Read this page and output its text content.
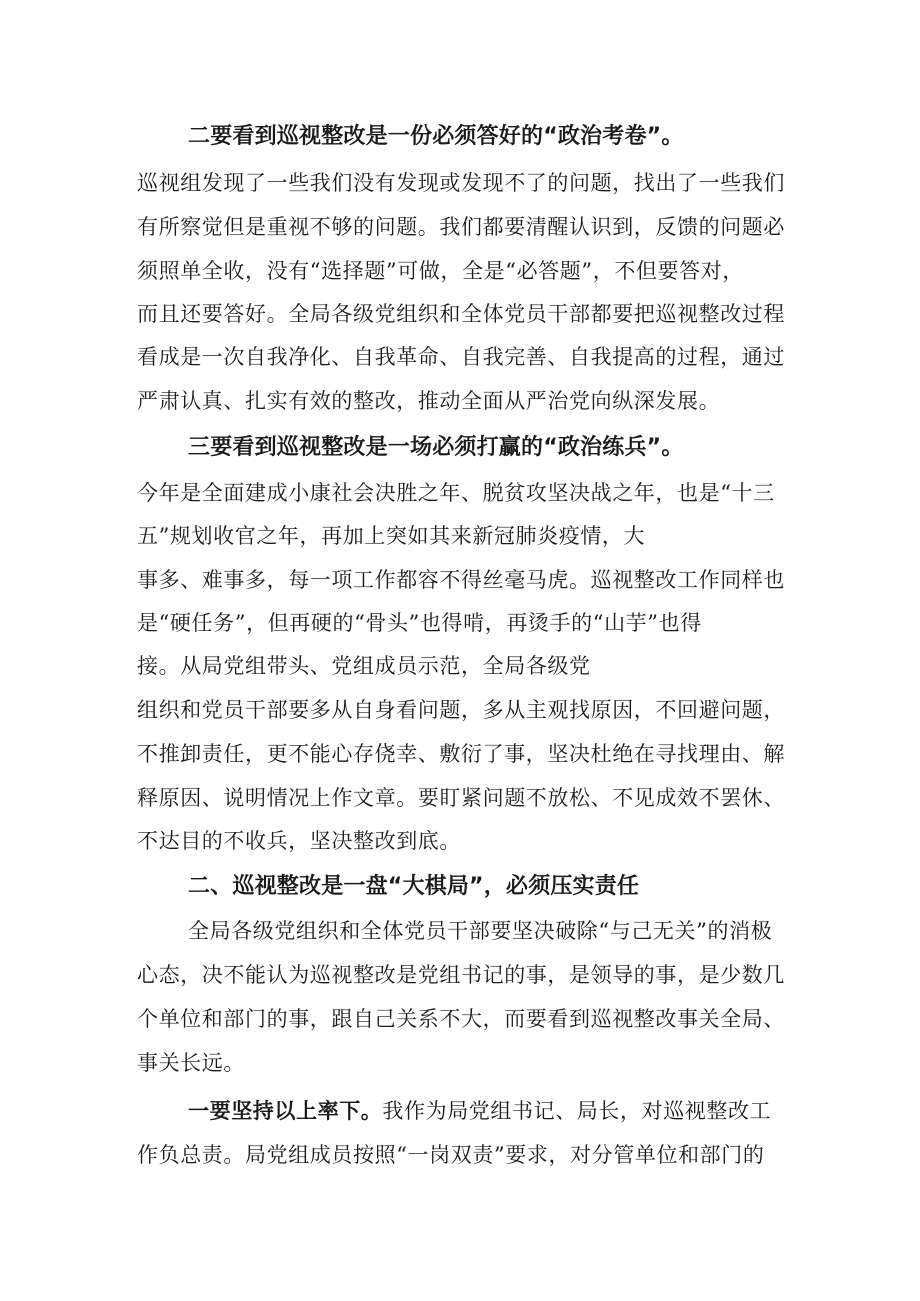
二要看到巡视整改是一份必须答好的“政治考卷”。
巡视组发现了一些我们没有发现或发现不了的问题，找出了一些我们
有所察觉但是重视不够的问题。我们都要清醒认识到，反馈的问题必
须照单全收，没有“选择题”可做，全是“必答题”，不但要答对，
而且还要答好。全局各级党组织和全体党员干部都要把巡视整改过程
看成是一次自我净化、自我革命、自我完善、自我提高的过程，通过
严肃认真、扎实有效的整改，推动全面从严治党向纵深发展。
三要看到巡视整改是一场必须打赢的“政治练兵”。
今年是全面建成小康社会决胜之年、脱贫攻坚决战之年，也是“十三
五”规划收官之年，再加上突如其来新冠肺炎疫情，大
事多、难事多，每一项工作都容不得丝毫马虎。巡视整改工作同样也
是“硬任务”，但再硬的“骨头”也得啃，再烫手的“山芋”也得
接。从局党组带头、党组成员示范，全局各级党
组织和党员干部要多从自身看问题，多从主观找原因，不回避问题，
不推卸责任，更不能心存侥幸、敷衍了事，坚决杜绝在寻找理由、解
释原因、说明情况上作文章。要盯紧问题不放松、不见成效不罢休、
不达目的不收兵，坚决整改到底。
二、巡视整改是一盘“大棋局”，必须压实责任
全局各级党组织和全体党员干部要坚决破除“与己无关”的消极
心态，决不能认为巡视整改是党组书记的事，是领导的事，是少数几
个单位和部门的事，跟自己关系不大，而要看到巡视整改事关全局、
事关长远。
一要坚持以上率下。我作为局党组书记、局长，对巡视整改工
作负总责。局党组成员按照“一岗双责”要求，对分管单位和部门的
